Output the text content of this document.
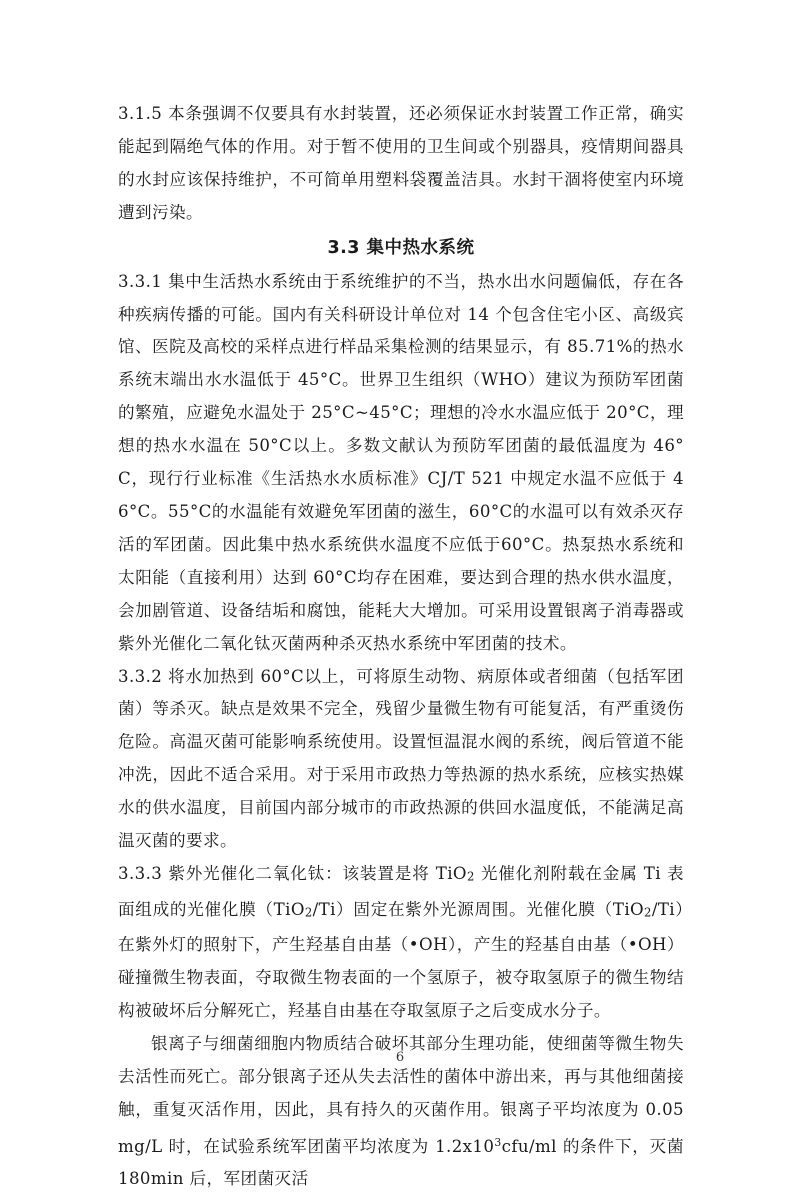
3.1.5 本条强调不仅要具有水封装置，还必须保证水封装置工作正常，确实能起到隔绝气体的作用。对于暂不使用的卫生间或个别器具，疫情期间器具的水封应该保持维护，不可简单用塑料袋覆盖洁具。水封干涸将使室内环境遭到污染。

3.3 集中热水系统

3.3.1 集中生活热水系统由于系统维护的不当，热水出水问题偏低，存在各种疾病传播的可能。国内有关科研设计单位对 14 个包含住宅小区、高级宾馆、医院及高校的采样点进行样品采集检测的结果显示，有 85.71%的热水系统末端出水水温低于 45°C。世界卫生组织（WHO）建议为预防军团菌的繁殖，应避免水温处于 25°C~45°C；理想的冷水水温应低于 20°C，理想的热水水温在 50°C以上。多数文献认为预防军团菌的最低温度为 46°C，现行行业标准《生活热水水质标准》CJ/T 521 中规定水温不应低于 46°C。55°C的水温能有效避免军团菌的滋生，60°C的水温可以有效杀灭存活的军团菌。因此集中热水系统供水温度不应低于60°C。热泵热水系统和太阳能（直接利用）达到 60°C均存在困难，要达到合理的热水供水温度，会加剧管道、设备结垢和腐蚀，能耗大大增加。可采用设置银离子消毒器或紫外光催化二氧化钛灭菌两种杀灭热水系统中军团菌的技术。

3.3.2 将水加热到 60°C以上，可将原生动物、病原体或者细菌（包括军团菌）等杀灭。缺点是效果不完全，残留少量微生物有可能复活，有严重烫伤危险。高温灭菌可能影响系统使用。设置恒温混水阀的系统，阀后管道不能冲洗，因此不适合采用。对于采用市政热力等热源的热水系统，应核实热媒水的供水温度，目前国内部分城市的市政热源的供回水温度低，不能满足高温灭菌的要求。

3.3.3 紫外光催化二氧化钛：该装置是将 TiO2 光催化剂附载在金属 Ti 表面组成的光催化膜（TiO2/Ti）固定在紫外光源周围。光催化膜（TiO2/Ti）在紫外灯的照射下，产生羟基自由基（•OH），产生的羟基自由基（•OH）碰撞微生物表面，夺取微生物表面的一个氢原子，被夺取氢原子的微生物结构被破坏后分解死亡，羟基自由基在夺取氢原子之后变成水分子。

银离子与细菌细胞内物质结合破坏其部分生理功能，使细菌等微生物失去活性而死亡。部分银离子还从失去活性的菌体中游出来，再与其他细菌接触，重复灭活作用，因此，具有持久的灭菌作用。银离子平均浓度为 0.05mg/L 时，在试验系统军团菌平均浓度为 $1.2x10^3cfu/ml$ 的条件下，灭菌 180min 后，军团菌灭活

6
